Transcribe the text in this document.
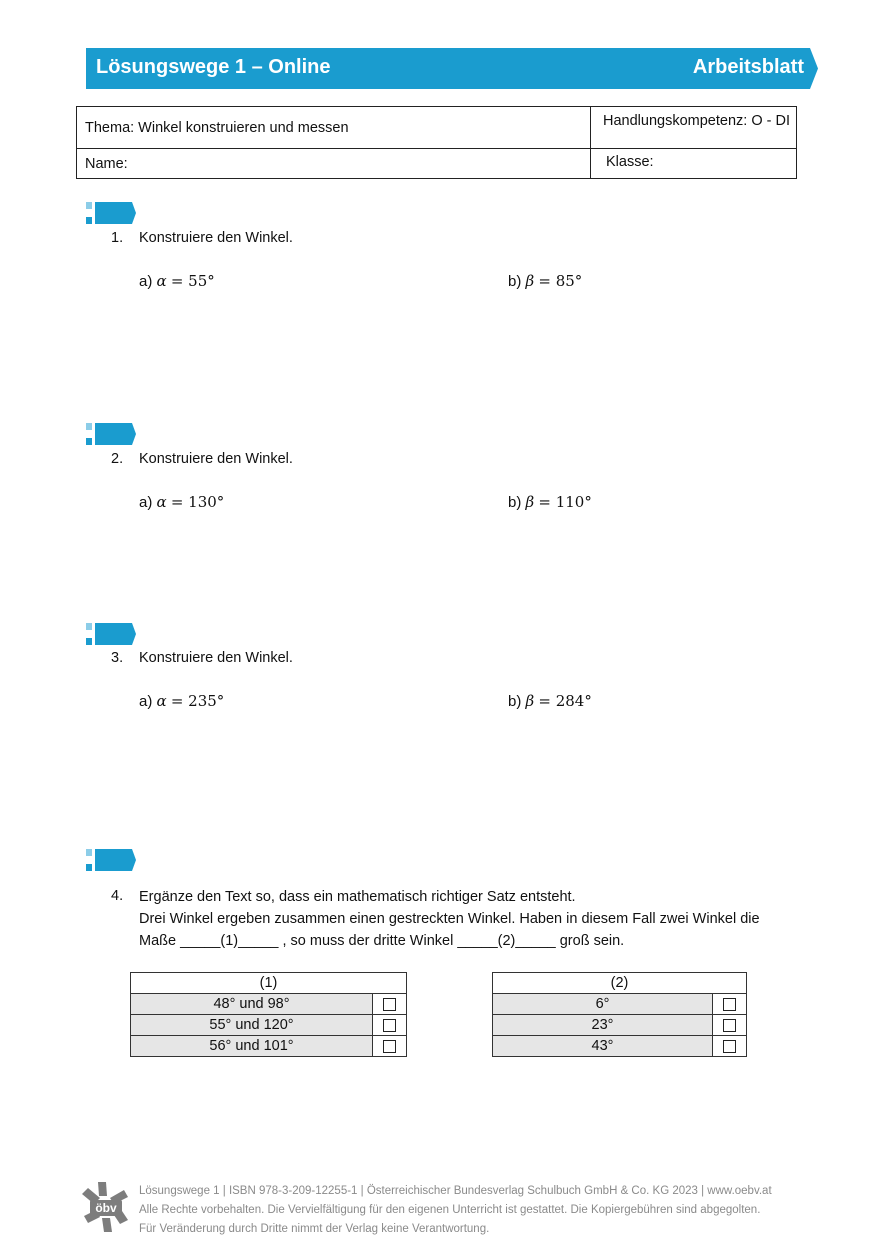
Lösungswege 1 – Online	Arbeitsblatt
Thema: Winkel konstruieren und messen	Handlungskompetenz: O - DI
Name:	Klasse:
1. Konstruiere den Winkel.
a) α = 55°	b) β = 85°
2. Konstruiere den Winkel.
a) α = 130°	b) β = 110°
3. Konstruiere den Winkel.
a) α = 235°	b) β = 284°
4. Ergänze den Text so, dass ein mathematisch richtiger Satz entsteht.
Drei Winkel ergeben zusammen einen gestreckten Winkel. Haben in diesem Fall zwei Winkel die
Maße _____(1)_____ , so muss der dritte Winkel _____(2)_____ groß sein.
(1)	
48° und 98°	
55° und 120°	
56° und 101°	
(2)	
6°	
23°	
43°	
öbv
Lösungswege 1 | ISBN 978-3-209-12255-1 | Österreichischer Bundesverlag Schulbuch GmbH & Co. KG 2023 | www.oebv.at
Alle Rechte vorbehalten. Die Vervielfältigung für den eigenen Unterricht ist gestattet. Die Kopiergebühren sind abgegolten.
Für Veränderung durch Dritte nimmt der Verlag keine Verantwortung.
